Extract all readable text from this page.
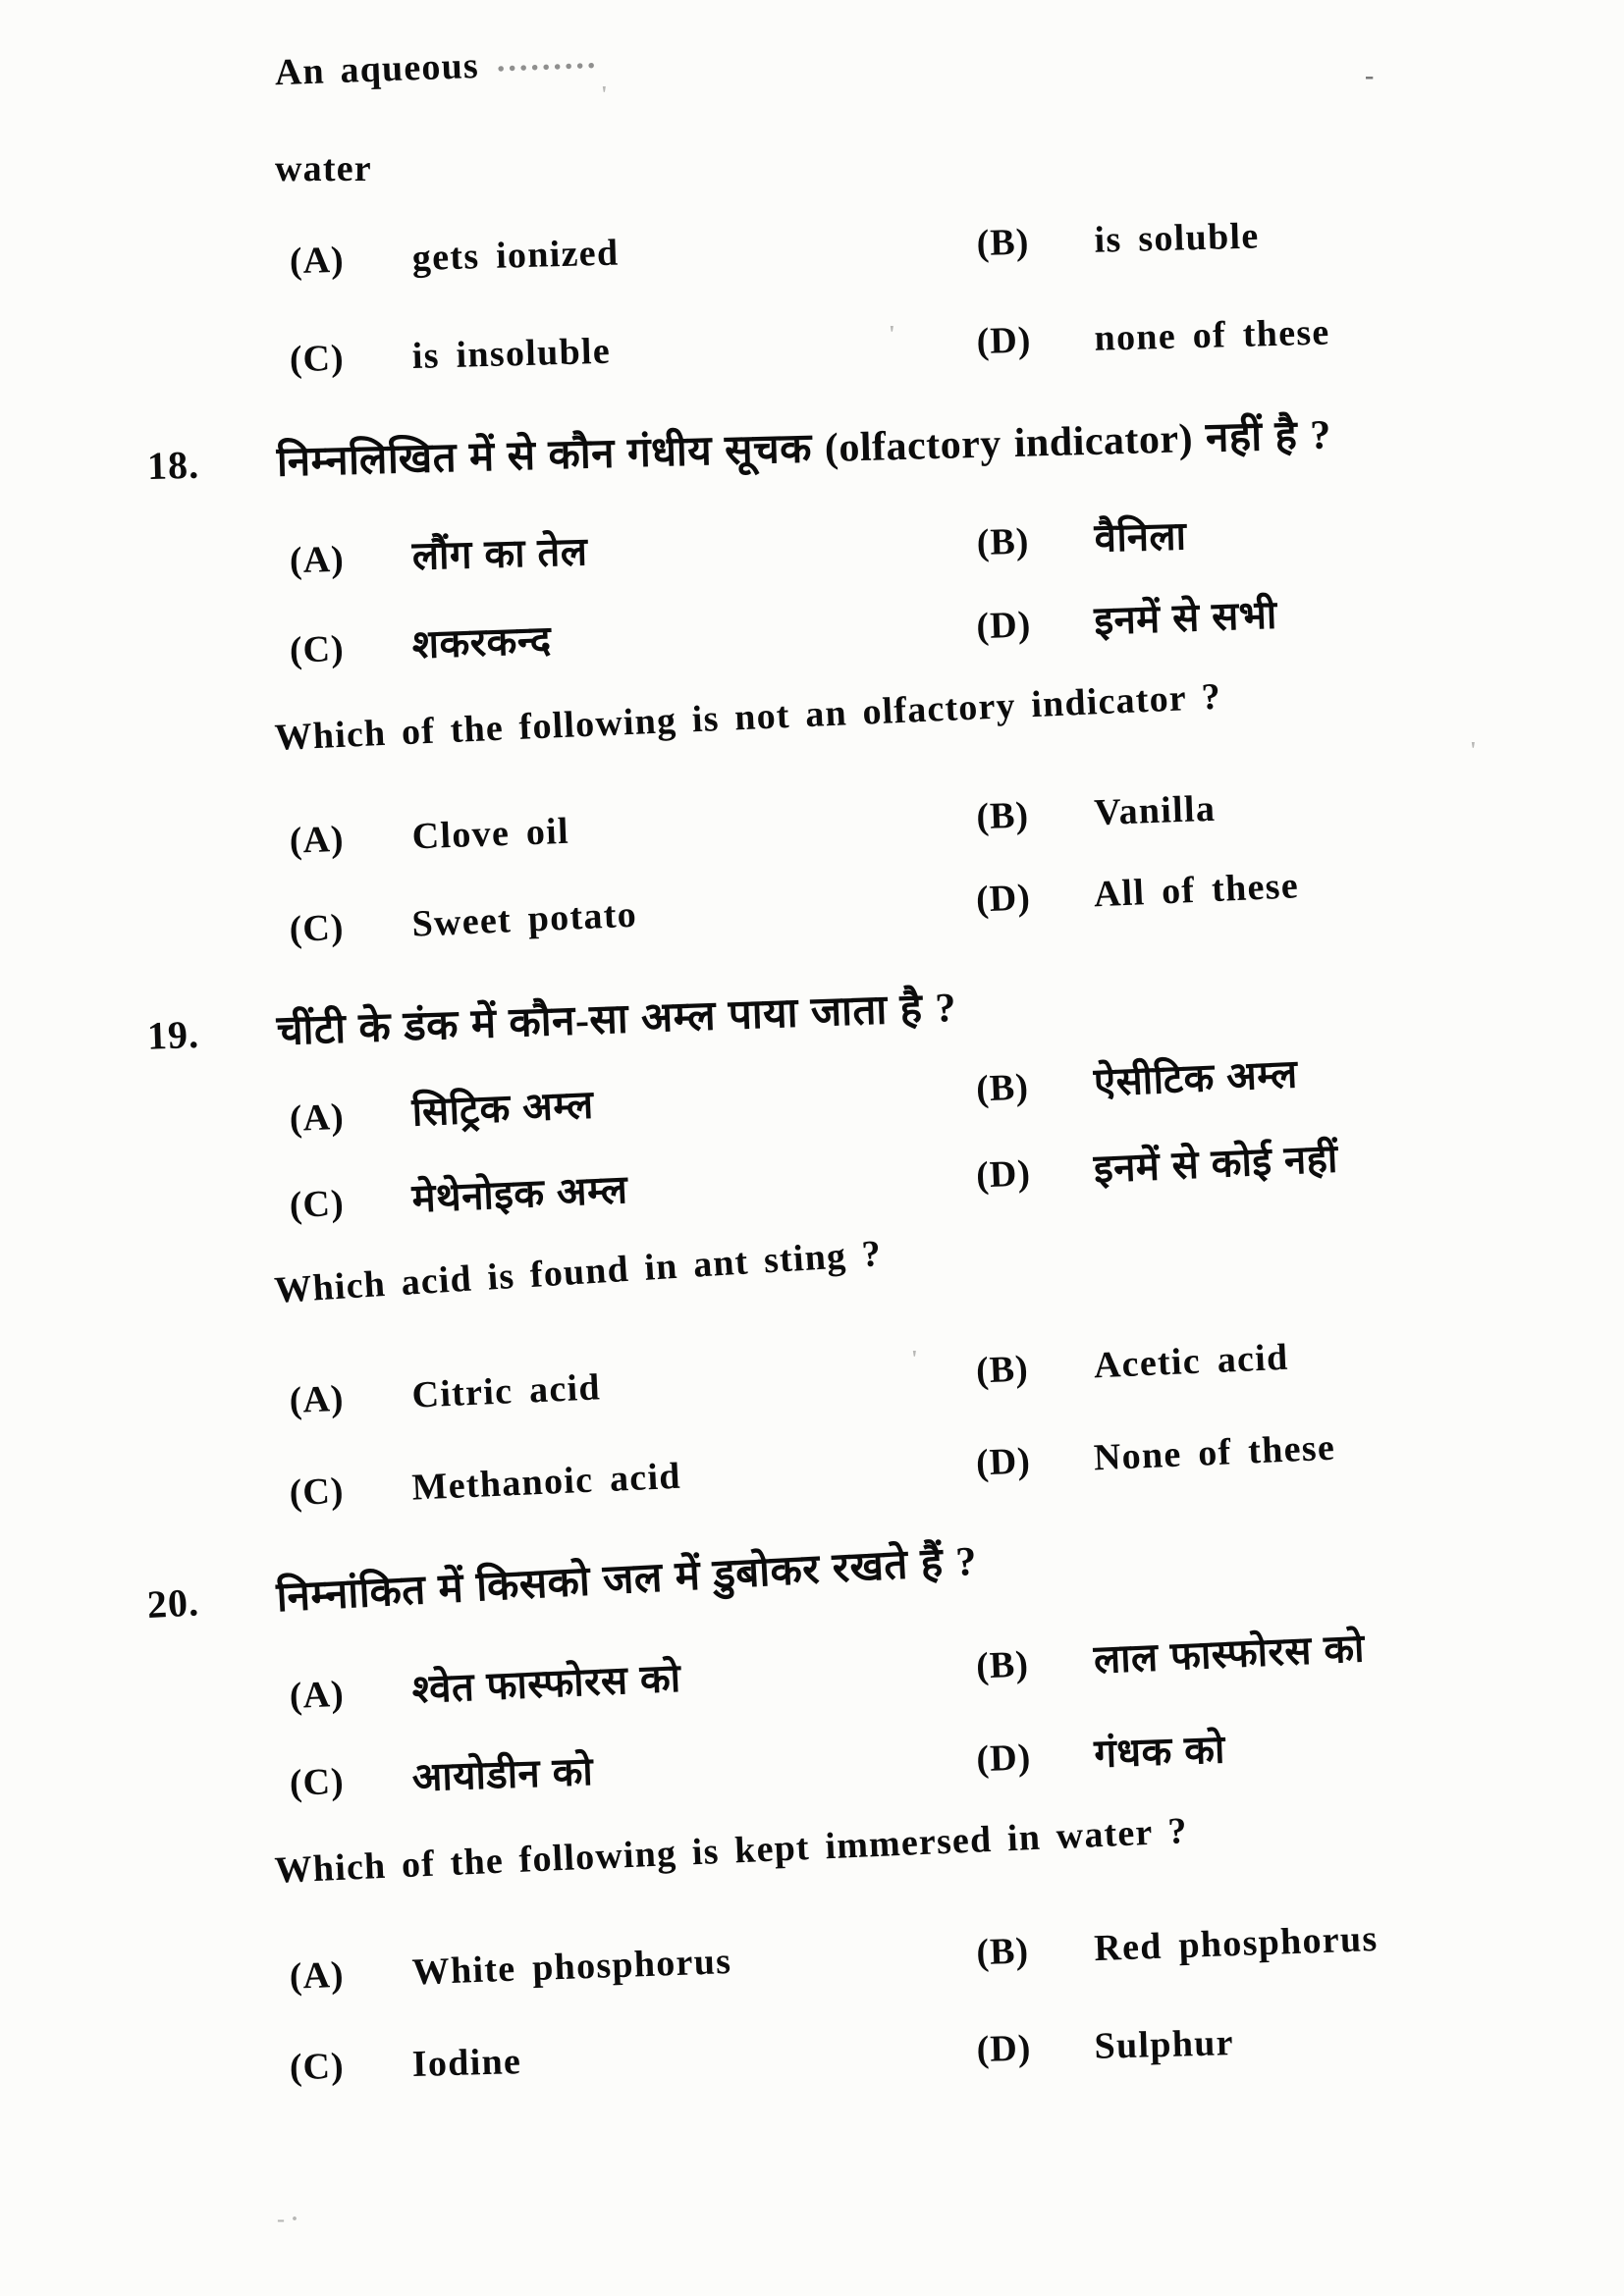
An aqueous .........
water
(A)	gets ionized	(B)	is soluble
(C)	is insoluble	(D)	none of these
18. निम्नलिखित में से कौन गंधीय सूचक (olfactory indicator) नहीं है ?
(A)	लौंग का तेल	(B)	वैनिला
(C)	शकरकन्द	(D)	इनमें से सभी
Which of the following is not an olfactory indicator ?
(A)	Clove oil	(B)	Vanilla
(C)	Sweet potato	(D)	All of these
19. चींटी के डंक में कौन-सा अम्ल पाया जाता है ?
(A)	सिट्रिक अम्ल	(B)	ऐसीटिक अम्ल
(C)	मेथेनोइक अम्ल	(D)	इनमें से कोई नहीं
Which acid is found in ant sting ?
(A)	Citric acid	(B)	Acetic acid
(C)	Methanoic acid	(D)	None of these
20. निम्नांकित में किसको जल में डुबोकर रखते हैं ?
(A)	श्वेत फास्फोरस को	(B)	लाल फास्फोरस को
(C)	आयोडीन को	(D)	गंधक को
Which of the following is kept immersed in water ?
(A)	White phosphorus	(B)	Red phosphorus
(C)	Iodine	(D)	Sulphur
-
'
'
'
'
- ·
